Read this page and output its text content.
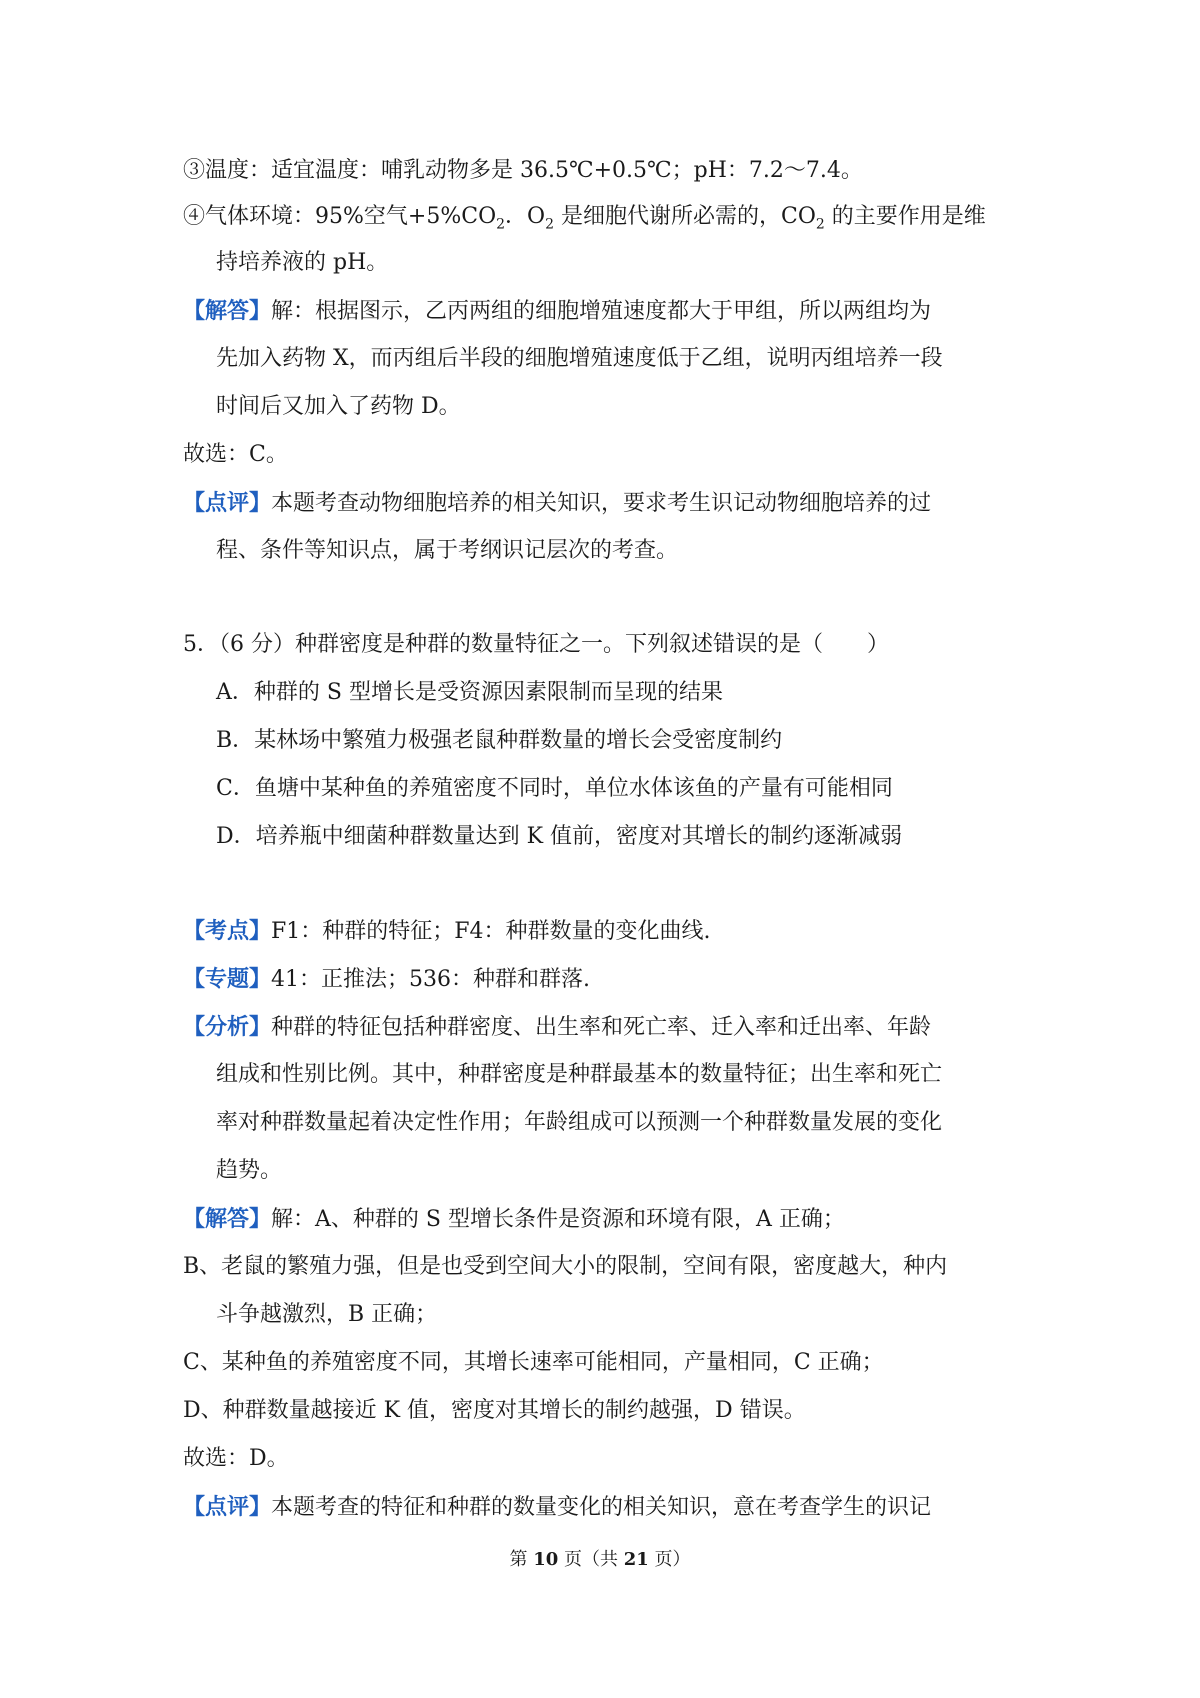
③温度：适宜温度：哺乳动物多是 36.5℃+0.5℃；pH：7.2～7.4。
④气体环境：95%空气$+5\%CO_2$．$O_2$ 是细胞代谢所必需的，$CO_2$ 的主要作用是维
持培养液的 pH。
【解答】解：根据图示，乙丙两组的细胞增殖速度都大于甲组，所以两组均为
先加入药物 X，而丙组后半段的细胞增殖速度低于乙组，说明丙组培养一段
时间后又加入了药物 D。
故选：C。
【点评】本题考查动物细胞培养的相关知识，要求考生识记动物细胞培养的过
程、条件等知识点，属于考纲识记层次的考查。
5．（6 分）种群密度是种群的数量特征之一。下列叙述错误的是（　　）
A．种群的 S 型增长是受资源因素限制而呈现的结果
B．某林场中繁殖力极强老鼠种群数量的增长会受密度制约
C．鱼塘中某种鱼的养殖密度不同时，单位水体该鱼的产量有可能相同
D．培养瓶中细菌种群数量达到 K 值前，密度对其增长的制约逐渐减弱
【考点】F1：种群的特征；F4：种群数量的变化曲线.
【专题】41：正推法；536：种群和群落.
【分析】种群的特征包括种群密度、出生率和死亡率、迁入率和迁出率、年龄
组成和性别比例。其中，种群密度是种群最基本的数量特征；出生率和死亡
率对种群数量起着决定性作用；年龄组成可以预测一个种群数量发展的变化
趋势。
【解答】解：A、种群的 S 型增长条件是资源和环境有限，A 正确；
B、老鼠的繁殖力强，但是也受到空间大小的限制，空间有限，密度越大，种内
斗争越激烈，B 正确；
C、某种鱼的养殖密度不同，其增长速率可能相同，产量相同，C 正确；
D、种群数量越接近 K 值，密度对其增长的制约越强，D 错误。
故选：D。
【点评】本题考查的特征和种群的数量变化的相关知识，意在考查学生的识记
第 10 页（共 21 页）
